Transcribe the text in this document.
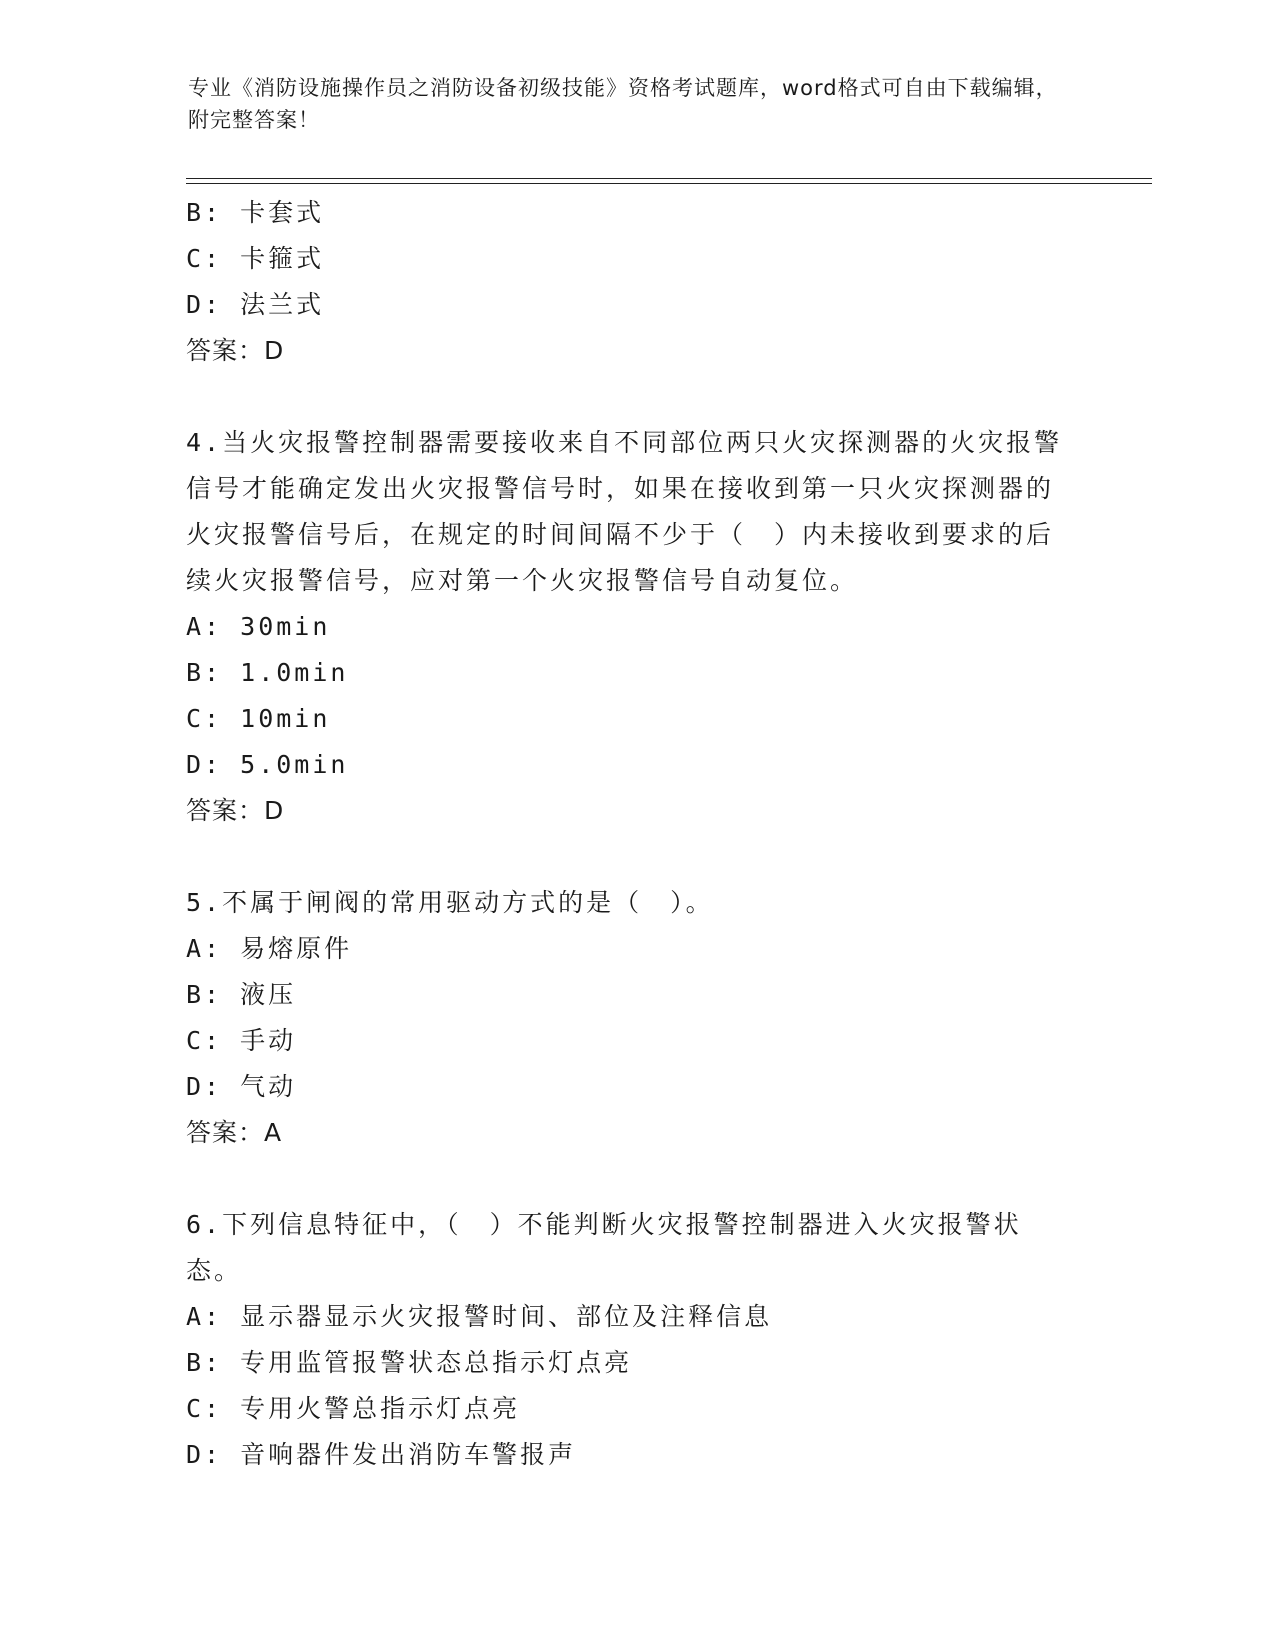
专业《消防设施操作员之消防设备初级技能》资格考试题库，word格式可自由下载编辑，附完整答案！
B: 卡套式
C: 卡箍式
D: 法兰式
答案：D
4.当火灾报警控制器需要接收来自不同部位两只火灾探测器的火灾报警信号才能确定发出火灾报警信号时，如果在接收到第一只火灾探测器的火灾报警信号后，在规定的时间间隔不少于（　）内未接收到要求的后续火灾报警信号，应对第一个火灾报警信号自动复位。
A: 30min
B: 1.0min
C: 10min
D: 5.0min
答案：D
5.不属于闸阀的常用驱动方式的是（　）。
A: 易熔原件
B: 液压
C: 手动
D: 气动
答案：A
6.下列信息特征中，（　）不能判断火灾报警控制器进入火灾报警状态。
A: 显示器显示火灾报警时间、部位及注释信息
B: 专用监管报警状态总指示灯点亮
C: 专用火警总指示灯点亮
D: 音响器件发出消防车警报声
